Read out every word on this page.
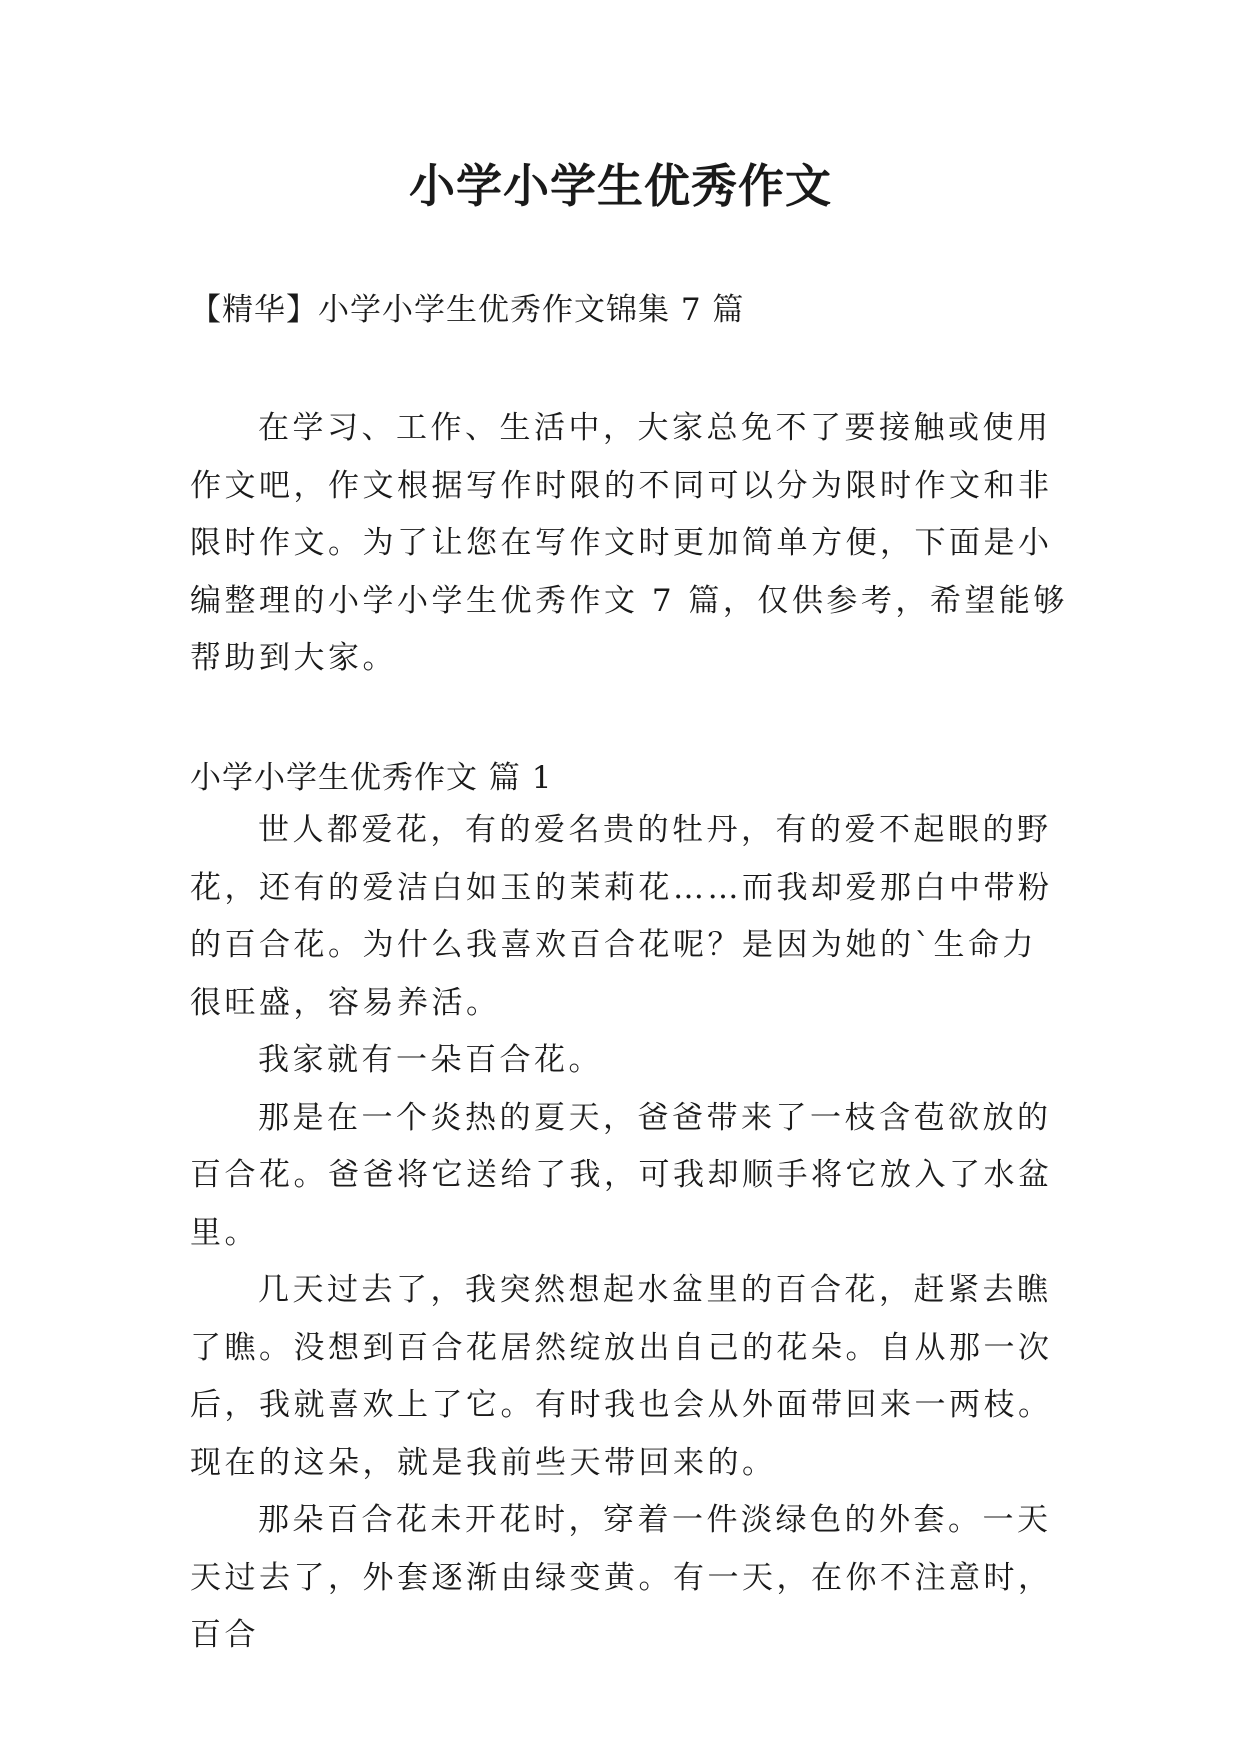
小学小学生优秀作文
【精华】小学小学生优秀作文锦集 7 篇

在学习、工作、生活中，大家总免不了要接触或使用作文吧，作文根据写作时限的不同可以分为限时作文和非限时作文。为了让您在写作文时更加简单方便，下面是小编整理的小学小学生优秀作文 7 篇，仅供参考，希望能够帮助到大家。

小学小学生优秀作文 篇 1

世人都爱花，有的爱名贵的牡丹，有的爱不起眼的野花，还有的爱洁白如玉的茉莉花……而我却爱那白中带粉的百合花。为什么我喜欢百合花呢？是因为她的`生命力很旺盛，容易养活。

我家就有一朵百合花。

那是在一个炎热的夏天，爸爸带来了一枝含苞欲放的百合花。爸爸将它送给了我，可我却顺手将它放入了水盆里。

几天过去了，我突然想起水盆里的百合花，赶紧去瞧了瞧。没想到百合花居然绽放出自己的花朵。自从那一次后，我就喜欢上了它。有时我也会从外面带回来一两枝。现在的这朵，就是我前些天带回来的。

那朵百合花未开花时，穿着一件淡绿色的外套。一天天过去了，外套逐渐由绿变黄。有一天，在你不注意时，百合
